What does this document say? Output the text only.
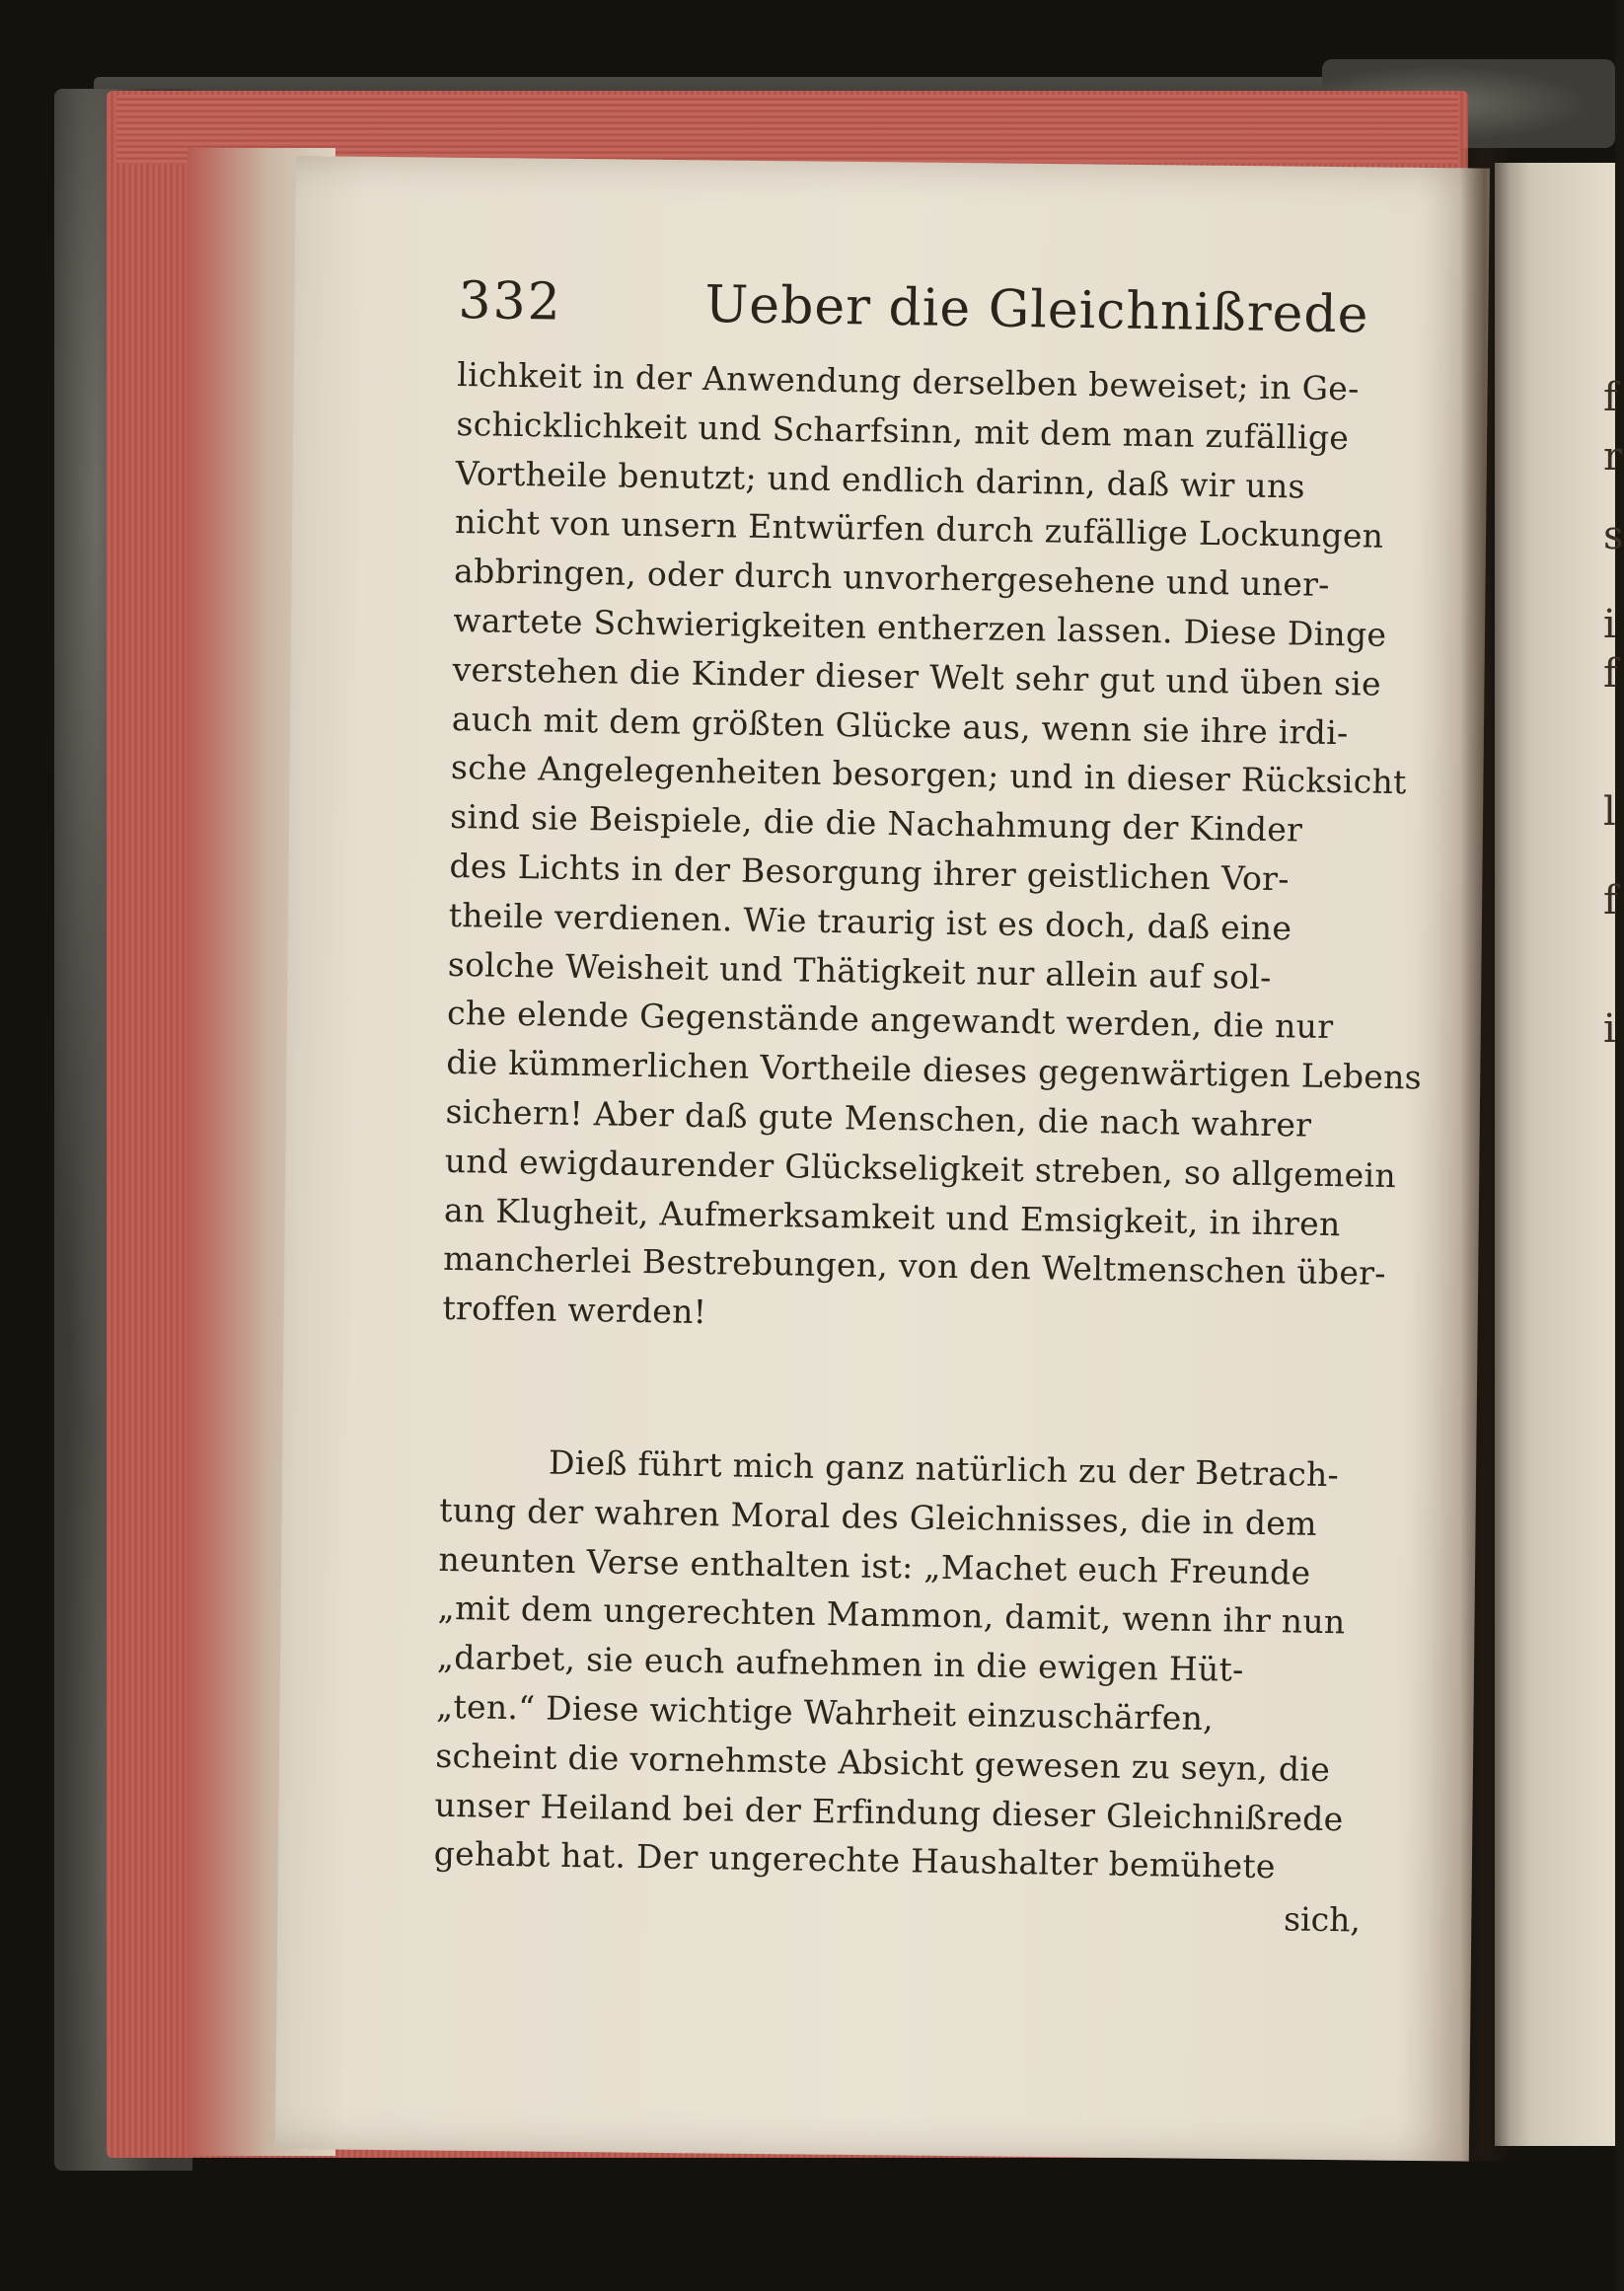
f
r
s
i
f
l
f
i
332	Ueber die Gleichnißrede
lichkeit in der Anwendung derselben beweiset; in Ge-
schicklichkeit und Scharfsinn, mit dem man zufällige
Vortheile benutzt; und endlich darinn, daß wir uns
nicht von unsern Entwürfen durch zufällige Lockungen
abbringen, oder durch unvorhergesehene und uner-
wartete Schwierigkeiten entherzen lassen. Diese Dinge
verstehen die Kinder dieser Welt sehr gut und üben sie
auch mit dem größten Glücke aus, wenn sie ihre irdi-
sche Angelegenheiten besorgen; und in dieser Rücksicht
sind sie Beispiele, die die Nachahmung der Kinder
des Lichts in der Besorgung ihrer geistlichen Vor-
theile verdienen. Wie traurig ist es doch, daß eine
solche Weisheit und Thätigkeit nur allein auf sol-
che elende Gegenstände angewandt werden, die nur
die kümmerlichen Vortheile dieses gegenwärtigen Lebens
sichern! Aber daß gute Menschen, die nach wahrer
und ewigdaurender Glückseligkeit streben, so allgemein
an Klugheit, Aufmerksamkeit und Emsigkeit, in ihren
mancherlei Bestrebungen, von den Weltmenschen über-
troffen werden!
Dieß führt mich ganz natürlich zu der Betrach-
tung der wahren Moral des Gleichnisses, die in dem
neunten Verse enthalten ist: „Machet euch Freunde
„mit dem ungerechten Mammon, damit, wenn ihr nun
„darbet, sie euch aufnehmen in die ewigen Hüt-
„ten.“ Diese wichtige Wahrheit einzuschärfen,
scheint die vornehmste Absicht gewesen zu seyn, die
unser Heiland bei der Erfindung dieser Gleichnißrede
gehabt hat. Der ungerechte Haushalter bemühete
sich,
